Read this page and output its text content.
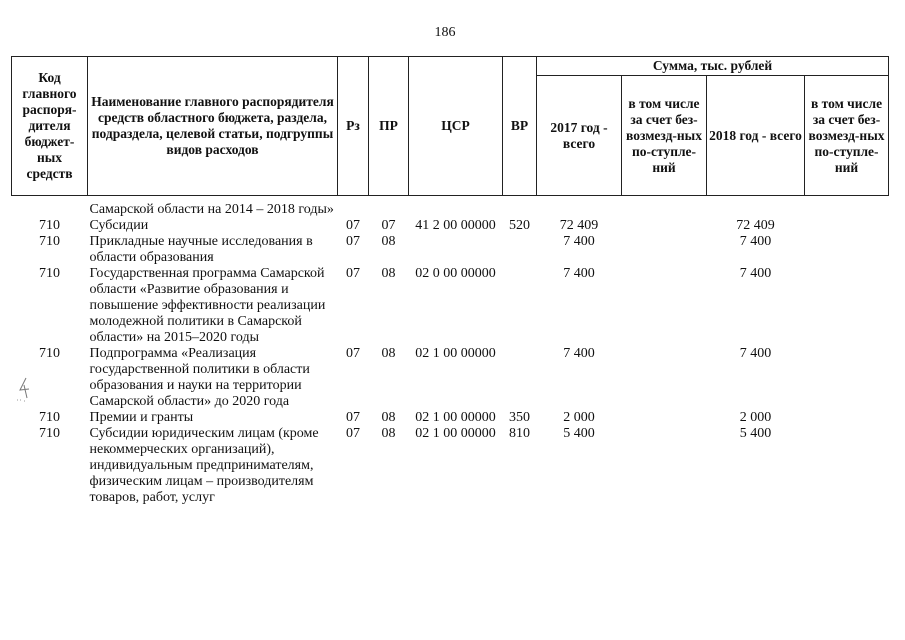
186
Код главного распоря-дителя бюджет-ных средств	Наименование главного распорядителя средств областного бюджета, раздела, подраздела, целевой статьи, подгруппы видов расходов	Рз	ПР	ЦСР	ВР	Сумма, тыс. рублей			
						2017 год - всего	в том числе за счет без-возмезд-ных по-ступле-ний	2018 год - всего	в том числе за счет без-возмезд-ных по-ступле-ний
	Самарской области на 2014 – 2018 годы»								
710	Субсидии	07	07	41 2 00 00000	520	72 409		72 409	
710	Прикладные научные исследования в области образования	07	08			7 400		7 400	
710	Государственная программа Самарской области «Развитие образования и повышение эффективности реализации молодежной политики в Самарской области» на 2015–2020 годы	07	08	02 0 00 00000		7 400		7 400	
710	Подпрограмма «Реализация государственной политики в области образования и науки на территории Самарской области» до 2020 года	07	08	02 1 00 00000		7 400		7 400	
710	Премии и гранты	07	08	02 1 00 00000	350	2 000		2 000	
710	Субсидии юридическим лицам (кроме некоммерческих организаций), индивидуальным предпринимателям, физическим лицам – производителям товаров, работ, услуг	07	08	02 1 00 00000	810	5 400		5 400	
